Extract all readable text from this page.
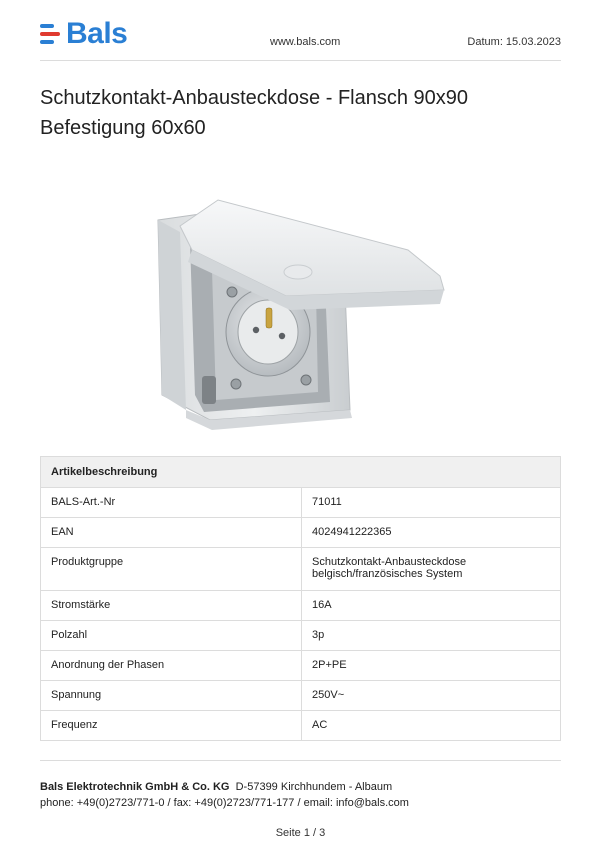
Bals	www.bals.com	Datum: 15.03.2023
Schutzkontakt-Anbausteckdose - Flansch 90x90
Befestigung 60x60
Artikelbeschreibung	
BALS-Art.-Nr	71011
EAN	4024941222365
Produktgruppe	Schutzkontakt-Anbausteckdose
belgisch/französisches System

Stromstärke	16A
Polzahl	3p
Anordnung der Phasen	2P+PE
Spannung	250V~
Frequenz	AC
Bals Elektrotechnik GmbH & Co. KG D-57399 Kirchhundem - Albaum
phone: +49(0)2723/771-0 / fax: +49(0)2723/771-177 / email: info@bals.com
Seite 1 / 3
